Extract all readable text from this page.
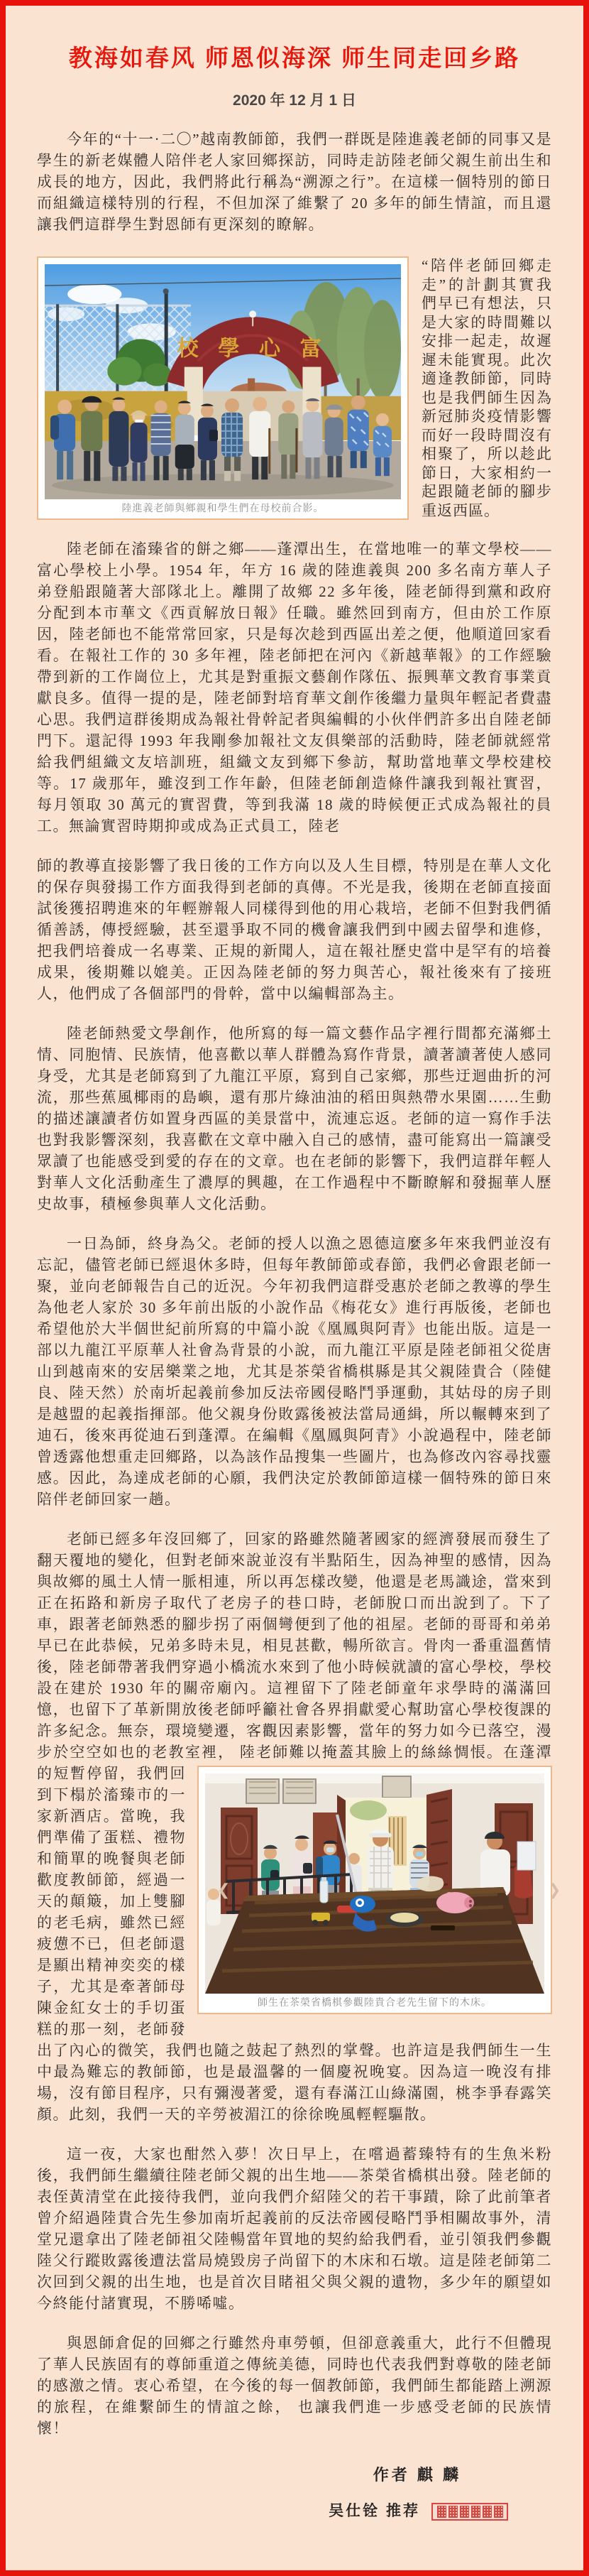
教海如春风 师恩似海深 师生同走回乡路
2020 年 12 月 1 日
今年的“十一·二〇”越南教師節，我們一群既是陸進義老師的同事又是學生的新老媒體人陪伴老人家回鄉探訪，同時走訪陸老師父親生前出生和成長的地方，因此，我們將此行稱為“溯源之行”。在這樣一個特別的節日而組織這樣特別的行程，不但加深了維繫了 20 多年的師生情誼，而且還讓我們這群學生對恩師有更深刻的瞭解。
校 學 心 富
陸進義老師與鄉親和學生們在母校前合影。
“陪伴老師回鄉走走”的計劃其實我們早已有想法，只是大家的時間難以安排一起走，故遲遲未能實現。此次適逢教師節，同時也是我們師生因為新冠肺炎疫情影響而好一段時間沒有相聚了，所以趁此節日，大家相約一起跟隨老師的腳步重返西區。
陸老師在滀臻省的餅之鄉——蓬潭出生，在當地唯一的華文學校——富心學校上小學。1954 年，年方 16 歲的陸進義與 200 多名南方華人子弟登船跟隨著大部隊北上。離開了故鄉 22 多年後，陸老師得到黨和政府分配到本市華文《西貢解放日報》任職。雖然回到南方，但由於工作原因，陸老師也不能常常回家，只是每次趁到西區出差之便，他順道回家看看。在報社工作的 30 多年裡，陸老師把在河內《新越華報》的工作經驗帶到新的工作崗位上，尤其是對重振文藝創作隊伍、振興華文教育事業貢獻良多。值得一提的是，陸老師對培育華文創作後繼力量與年輕記者費盡心思。我們這群後期成為報社骨幹記者與編輯的小伙伴們許多出自陸老師門下。還記得 1993 年我剛參加報社文友俱樂部的活動時，陸老師就經常給我們組織文友培訓班，組織文友到鄉下參訪，幫助當地華文學校建校等。17 歲那年，雖沒到工作年齡，但陸老師創造條件讓我到報社實習，每月領取 30 萬元的實習費，等到我滿 18 歲的時候便正式成為報社的員工。無論實習時期抑或成為正式員工，陸老
師的教導直接影響了我日後的工作方向以及人生目標，特別是在華人文化的保存與發揚工作方面我得到老師的真傳。不光是我，後期在老師直接面試後獲招聘進來的年輕辦報人同樣得到他的用心栽培，老師不但對我們循循善誘，傳授經驗，甚至還爭取不同的機會讓我們到中國去留學和進修，把我們培養成一名專業、正規的新聞人，這在報社歷史當中是罕有的培養成果，後期難以媲美。正因為陸老師的努力與苦心，報社後來有了接班人，他們成了各個部門的骨幹，當中以編輯部為主。
陸老師熱愛文學創作，他所寫的每一篇文藝作品字裡行間都充滿鄉土情、同胞情、民族情，他喜歡以華人群體為寫作背景，讀著讀著使人感同身受，尤其是老師寫到了九龍江平原，寫到自己家鄉，那些迂迴曲折的河流，那些蕉風椰雨的島嶼，還有那片綠油油的稻田與熱帶水果園……生動的描述讓讀者仿如置身西區的美景當中，流連忘返。老師的這一寫作手法也對我影響深刻，我喜歡在文章中融入自己的感情，盡可能寫出一篇讓受眾讀了也能感受到愛的存在的文章。也在老師的影響下，我們這群年輕人對華人文化活動產生了濃厚的興趣，在工作過程中不斷瞭解和發掘華人歷史故事，積極參與華人文化活動。
一日為師，終身為父。老師的授人以漁之恩德這麼多年來我們並沒有忘記，儘管老師已經退休多時，但每年教師節或春節，我們必會跟老師一聚，並向老師報告自己的近況。今年初我們這群受惠於老師之教導的學生為他老人家於 30 多年前出版的小說作品《梅花女》進行再版後，老師也希望他於大半個世紀前所寫的中篇小說《凰鳳與阿青》也能出版。這是一部以九龍江平原華人社會為背景的小說，而九龍江平原是陸老師祖父從唐山到越南來的安居樂業之地，尤其是茶榮省橋棋縣是其父親陸貴合（陸健良、陸天然）於南圻起義前參加反法帝國侵略鬥爭運動，其姑母的房子則是越盟的起義指揮部。他父親身份敗露後被法當局通緝，所以輾轉來到了迪石，後來再從迪石到蓬潭。在編輯《凰鳳與阿青》小說過程中，陸老師曾透露他想重走回鄉路，以為該作品搜集一些圖片，也為修改內容尋找靈感。因此，為達成老師的心願，我們決定於教師節這樣一個特殊的節日來陪伴老師回家一趟。
老師已經多年沒回鄉了，回家的路雖然隨著國家的經濟發展而發生了翻天覆地的變化，但對老師來說並沒有半點陌生，因為神聖的感情，因為與故鄉的風土人情一脈相連，所以再怎樣改變，他還是老馬識途，當來到正在拓路和新房子取代了老房子的巷口時，老師脫口而出說到了。下了車，跟著老師熟悉的腳步拐了兩個彎便到了他的祖屋。老師的哥哥和弟弟早已在此恭候，兄弟多時未見，相見甚歡，暢所欲言。骨肉一番重溫舊情後，陸老師帶著我們穿過小橋流水來到了他小時候就讀的富心學校，學校設在建於 1930 年的關帝廟內。這裡留下了陸老師童年求學時的滿滿回憶，也留下了革新開放後老師呼籲社會各界捐獻愛心幫助富心學校復課的許多紀念。無奈，環境變遷，客觀因素影響，當年的努力如今已落空，漫步於空空如也的老教室裡，
❮	❯
師生在茶榮省橋棋參觀陸貴合老先生留下的木床。
陸老師難以掩蓋其臉上的絲絲惆悵。在蓬潭的短暫停留，我們回到下榻於滀臻市的一家新酒店。當晚，我們準備了蛋糕、禮物和簡單的晚餐與老師歡度教師節，經過一天的顛簸，加上雙腳的老毛病，雖然已經疲憊不已，但老師還是顯出精神奕奕的樣子，尤其是牽著師母陳金紅女士的手切蛋糕的那一刻，老師發出了內心的微笑，我們也隨之鼓起了熱烈的掌聲。也許這是我們師生一生中最為難忘的教師節，也是最溫馨的一個慶祝晚宴。因為這一晚沒有排場，沒有節目程序，只有彌漫著愛，還有春滿江山綠滿園，桃李爭春露笑顏。此刻，我們一天的辛勞被湄江的徐徐晚風輕輕驅散。
這一夜，大家也酣然入夢！次日早上，在嚐過蓄臻特有的生魚米粉後，我們師生繼續往陸老師父親的出生地——茶榮省橋棋出發。陸老師的表侄黃清堂在此接待我們，並向我們介紹陸父的若干事蹟，除了此前筆者曾介紹過陸貴合先生參加南圻起義前的反法帝國侵略鬥爭相關故事外，清堂兄還拿出了陸老師祖父陸暢當年買地的契約給我們看，並引領我們參觀陸父行蹤敗露後遭法當局燒毀房子尚留下的木床和石墩。這是陸老師第二次回到父親的出生地，也是首次目睹祖父與父親的遺物，多少年的願望如今終能付諸實現，不勝唏噓。
與恩師倉促的回鄉之行雖然舟車勞頓，但卻意義重大，此行不但體現了華人民族固有的尊師重道之傳統美德，同時也代表我們對尊敬的陸老師的感激之情。衷心希望，在今後的每一個教師節，我們師生都能踏上溯源的旅程，在維繫師生的情誼之餘， 也讓我們進一步感受老師的民族情懷！
作者 麒 麟
吴仕铨 推荐
